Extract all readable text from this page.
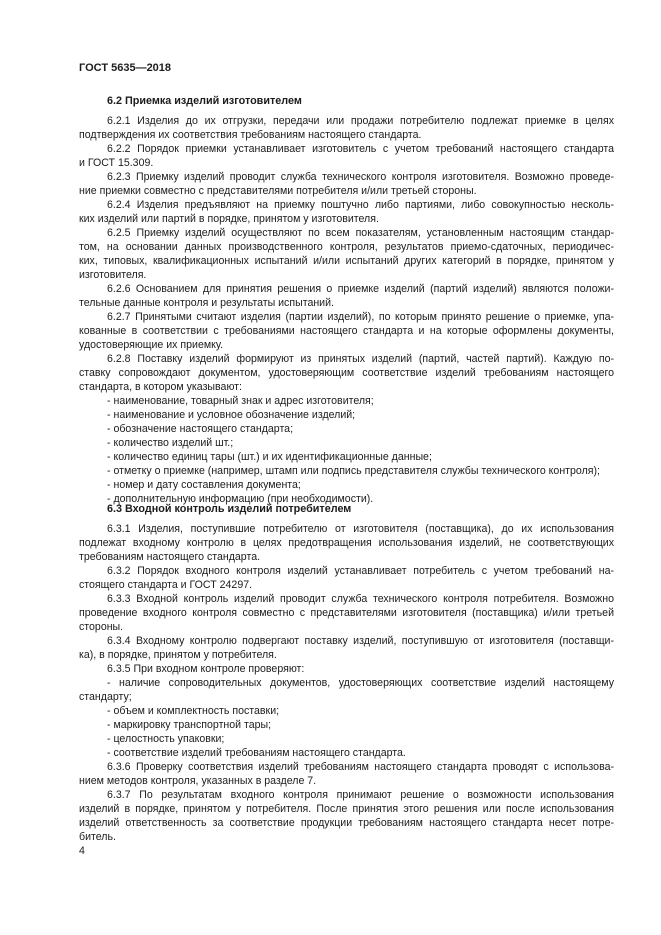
ГОСТ 5635—2018
6.2 Приемка изделий изготовителем
6.2.1 Изделия до их отгрузки, передачи или продажи потребителю подлежат приемке в целях
подтверждения их соответствия требованиям настоящего стандарта.
6.2.2 Порядок приемки устанавливает изготовитель с учетом требований настоящего стандарта
и ГОСТ 15.309.
6.2.3 Приемку изделий проводит служба технического контроля изготовителя. Возможно проведе-
ние приемки совместно с представителями потребителя и/или третьей стороны.
6.2.4 Изделия предъявляют на приемку поштучно либо партиями, либо совокупностью несколь-
ких изделий или партий в порядке, принятом у изготовителя.
6.2.5 Приемку изделий осуществляют по всем показателям, установленным настоящим стандар-
том, на основании данных производственного контроля, результатов приемо-сдаточных, периодичес-
ких, типовых, квалификационных испытаний и/или испытаний других категорий в порядке, принятом у
изготовителя.
6.2.6 Основанием для принятия решения о приемке изделий (партий изделий) являются положи-
тельные данные контроля и результаты испытаний.
6.2.7 Принятыми считают изделия (партии изделий), по которым принято решение о приемке, упа-
кованные в соответствии с требованиями настоящего стандарта и на которые оформлены документы,
удостоверяющие их приемку.
6.2.8 Поставку изделий формируют из принятых изделий (партий, частей партий). Каждую по-
ставку сопровождают документом, удостоверяющим соответствие изделий требованиям настоящего
стандарта, в котором указывают:
- наименование, товарный знак и адрес изготовителя;
- наименование и условное обозначение изделий;
- обозначение настоящего стандарта;
- количество изделий шт.;
- количество единиц тары (шт.) и их идентификационные данные;
- отметку о приемке (например, штамп или подпись представителя службы технического контроля);
- номер и дату составления документа;
- дополнительную информацию (при необходимости).
6.3 Входной контроль изделий потребителем
6.3.1 Изделия, поступившие потребителю от изготовителя (поставщика), до их использования
подлежат входному контролю в целях предотвращения использования изделий, не соответствующих
требованиям настоящего стандарта.
6.3.2 Порядок входного контроля изделий устанавливает потребитель с учетом требований на-
стоящего стандарта и ГОСТ 24297.
6.3.3 Входной контроль изделий проводит служба технического контроля потребителя. Возможно
проведение входного контроля совместно с представителями изготовителя (поставщика) и/или третьей
стороны.
6.3.4 Входному контролю подвергают поставку изделий, поступившую от изготовителя (поставщи-
ка), в порядке, принятом у потребителя.
6.3.5 При входном контроле проверяют:
- наличие сопроводительных документов, удостоверяющих соответствие изделий настоящему
стандарту;
- объем и комплектность поставки;
- маркировку транспортной тары;
- целостность упаковки;
- соответствие изделий требованиям настоящего стандарта.
6.3.6 Проверку соответствия изделий требованиям настоящего стандарта проводят с использова-
нием методов контроля, указанных в разделе 7.
6.3.7 По результатам входного контроля принимают решение о возможности использования
изделий в порядке, принятом у потребителя. После принятия этого решения или после использования
изделий ответственность за соответствие продукции требованиям настоящего стандарта несет потре-
битель.
4
